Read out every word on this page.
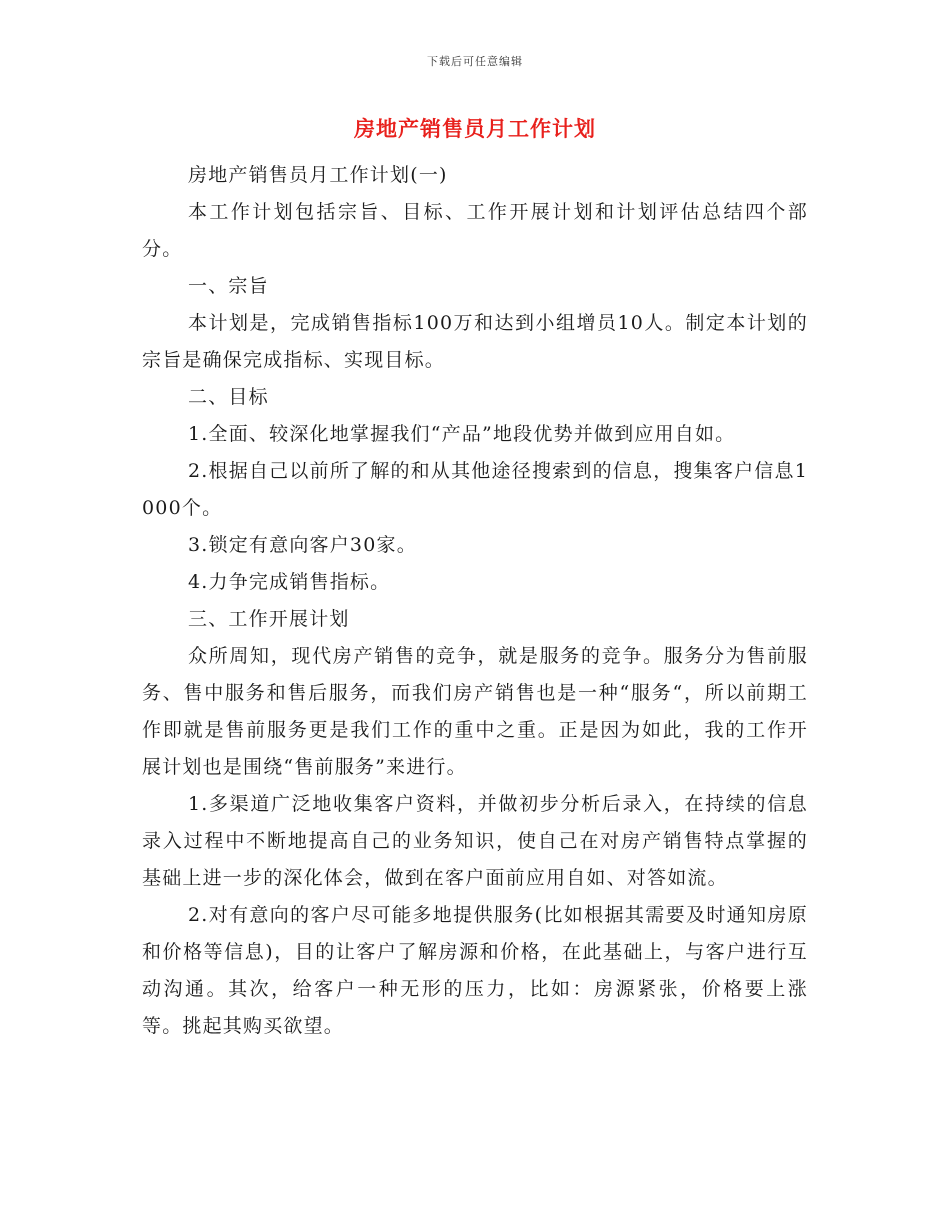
下载后可任意编辑
房地产销售员月工作计划

房地产销售员月工作计划(一)

本工作计划包括宗旨、目标、工作开展计划和计划评估总结四个部分。

一、宗旨

本计划是，完成销售指标100万和达到小组增员10人。制定本计划的宗旨是确保完成指标、实现目标。

二、目标

1.全面、较深化地掌握我们“产品”地段优势并做到应用自如。

2.根据自己以前所了解的和从其他途径搜索到的信息，搜集客户信息1000个。

3.锁定有意向客户30家。

4.力争完成销售指标。

三、工作开展计划

众所周知，现代房产销售的竞争，就是服务的竞争。服务分为售前服务、售中服务和售后服务，而我们房产销售也是一种“服务“，所以前期工作即就是售前服务更是我们工作的重中之重。正是因为如此，我的工作开展计划也是围绕“售前服务”来进行。

1.多渠道广泛地收集客户资料，并做初步分析后录入，在持续的信息录入过程中不断地提高自己的业务知识，使自己在对房产销售特点掌握的基础上进一步的深化体会，做到在客户面前应用自如、对答如流。

2.对有意向的客户尽可能多地提供服务(比如根据其需要及时通知房原和价格等信息)，目的让客户了解房源和价格，在此基础上，与客户进行互动沟通。其次，给客户一种无形的压力，比如：房源紧张，价格要上涨等。挑起其购买欲望。
